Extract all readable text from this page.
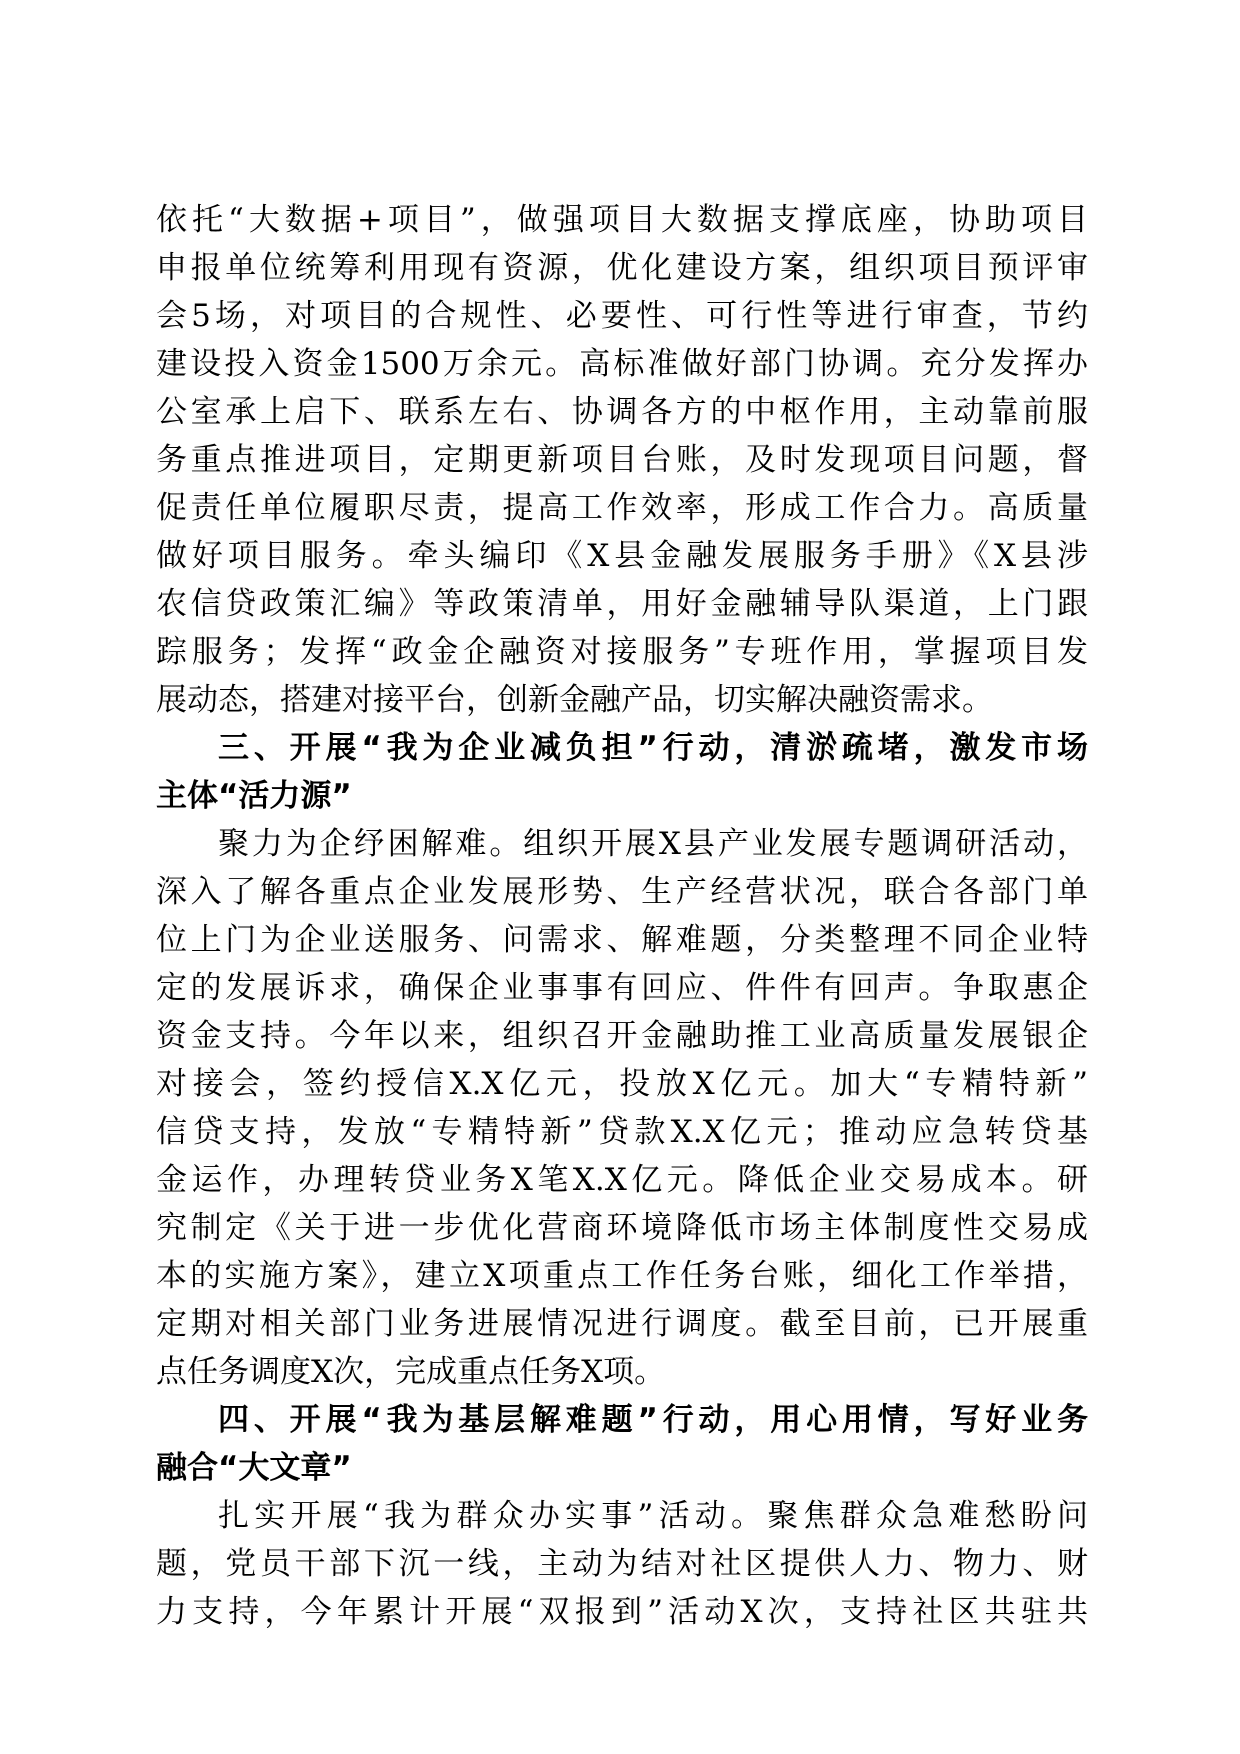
依托“大数据+项目”，做强项目大数据支撑底座，协助项目
申报单位统筹利用现有资源，优化建设方案，组织项目预评审
会5场，对项目的合规性、必要性、可行性等进行审查，节约
建设投入资金1500万余元。高标准做好部门协调。充分发挥办
公室承上启下、联系左右、协调各方的中枢作用，主动靠前服
务重点推进项目，定期更新项目台账，及时发现项目问题，督
促责任单位履职尽责，提高工作效率，形成工作合力。高质量
做好项目服务。牵头编印《X县金融发展服务手册》《X县涉
农信贷政策汇编》等政策清单，用好金融辅导队渠道，上门跟
踪服务；发挥“政金企融资对接服务”专班作用，掌握项目发
展动态，搭建对接平台，创新金融产品，切实解决融资需求。
三、开展“我为企业减负担”行动，清淤疏堵，激发市场
主体“活力源”
聚力为企纾困解难。组织开展X县产业发展专题调研活动，
深入了解各重点企业发展形势、生产经营状况，联合各部门单
位上门为企业送服务、问需求、解难题，分类整理不同企业特
定的发展诉求，确保企业事事有回应、件件有回声。争取惠企
资金支持。今年以来，组织召开金融助推工业高质量发展银企
对接会，签约授信X.X亿元，投放X亿元。加大“专精特新”
信贷支持，发放“专精特新”贷款X.X亿元；推动应急转贷基
金运作，办理转贷业务X笔X.X亿元。降低企业交易成本。研
究制定《关于进一步优化营商环境降低市场主体制度性交易成
本的实施方案》，建立X项重点工作任务台账，细化工作举措，
定期对相关部门业务进展情况进行调度。截至目前，已开展重
点任务调度X次，完成重点任务X项。
四、开展“我为基层解难题”行动，用心用情，写好业务
融合“大文章”
扎实开展“我为群众办实事”活动。聚焦群众急难愁盼问
题，党员干部下沉一线，主动为结对社区提供人力、物力、财
力支持，今年累计开展“双报到”活动X次，支持社区共驻共
